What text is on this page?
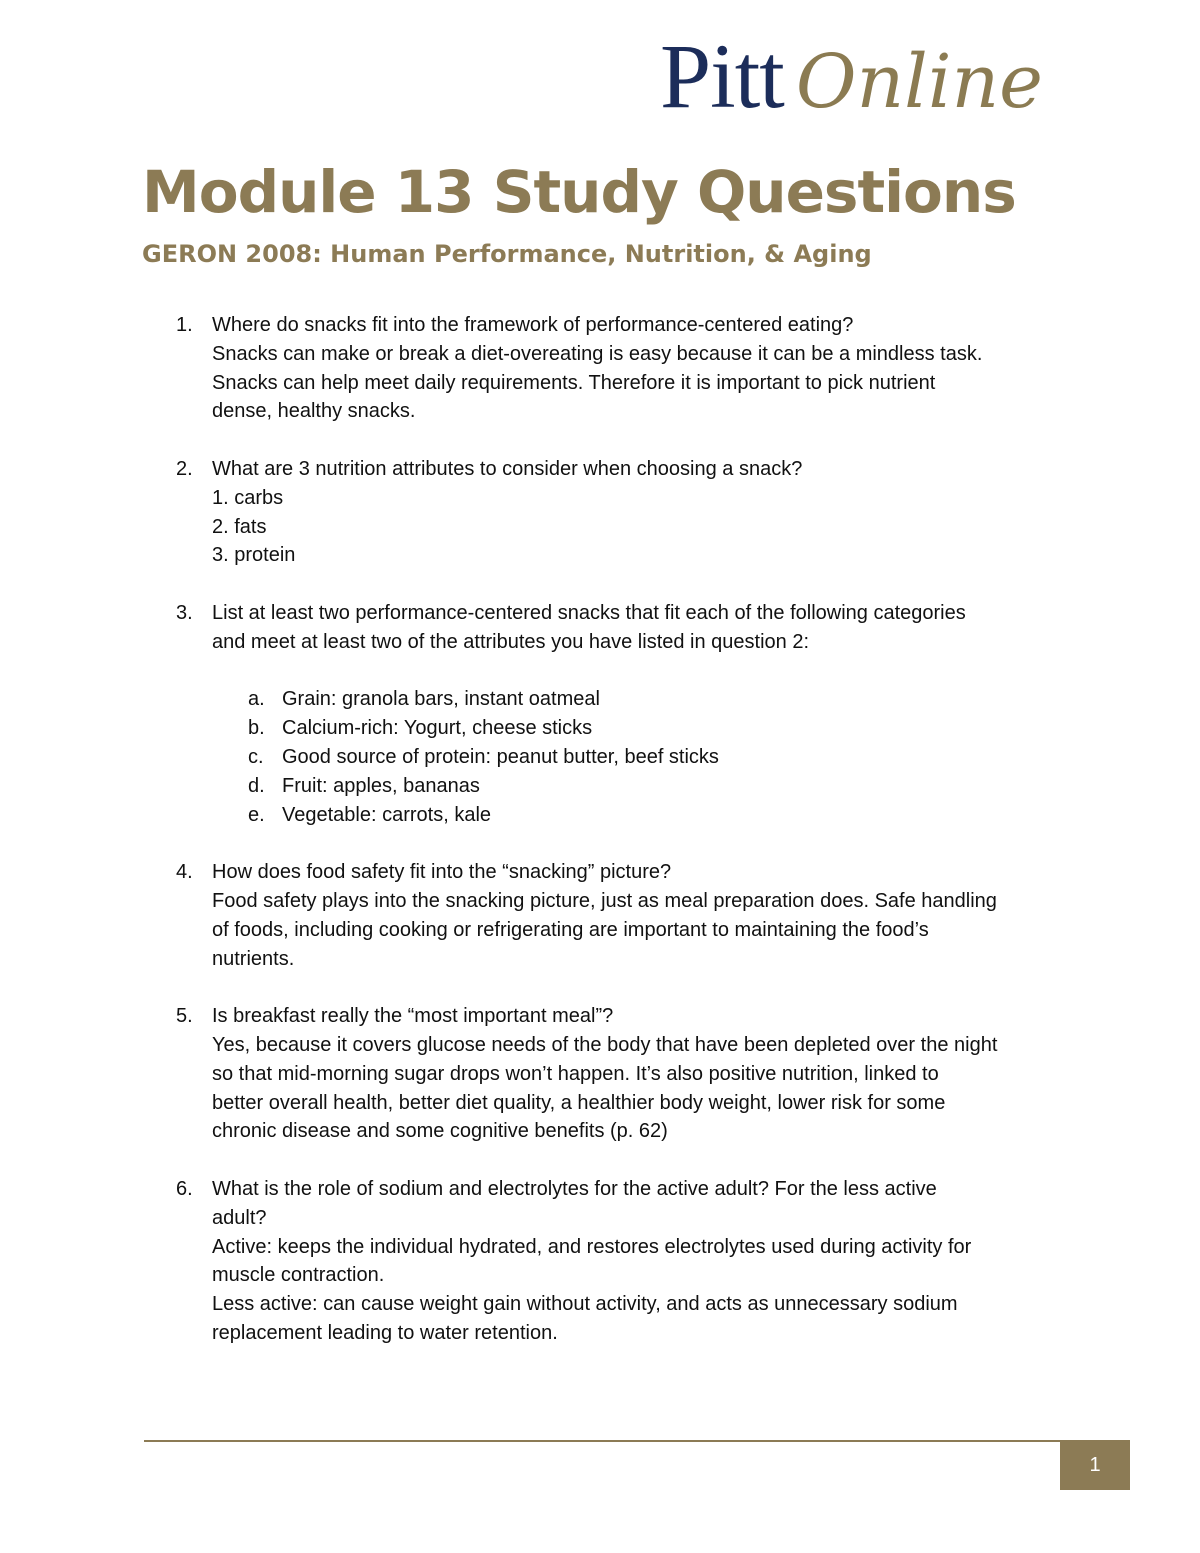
Pitt Online
Module 13 Study Questions
GERON 2008: Human Performance, Nutrition, & Aging
1. Where do snacks fit into the framework of performance-centered eating?
Snacks can make or break a diet-overeating is easy because it can be a mindless task.
Snacks can help meet daily requirements. Therefore it is important to pick nutrient
dense, healthy snacks.
2. What are 3 nutrition attributes to consider when choosing a snack?
1. carbs
2. fats
3. protein
3. List at least two performance-centered snacks that fit each of the following categories
and meet at least two of the attributes you have listed in question 2:
a. Grain: granola bars, instant oatmeal
b. Calcium-rich: Yogurt, cheese sticks
c. Good source of protein: peanut butter, beef sticks
d. Fruit: apples, bananas
e. Vegetable: carrots, kale
4. How does food safety fit into the “snacking” picture?
Food safety plays into the snacking picture, just as meal preparation does. Safe handling
of foods, including cooking or refrigerating are important to maintaining the food’s
nutrients.
5. Is breakfast really the “most important meal”?
Yes, because it covers glucose needs of the body that have been depleted over the night
so that mid-morning sugar drops won’t happen. It’s also positive nutrition, linked to
better overall health, better diet quality, a healthier body weight, lower risk for some
chronic disease and some cognitive benefits (p. 62)
6. What is the role of sodium and electrolytes for the active adult? For the less active
adult?
Active: keeps the individual hydrated, and restores electrolytes used during activity for
muscle contraction.
Less active: can cause weight gain without activity, and acts as unnecessary sodium
replacement leading to water retention.
1
